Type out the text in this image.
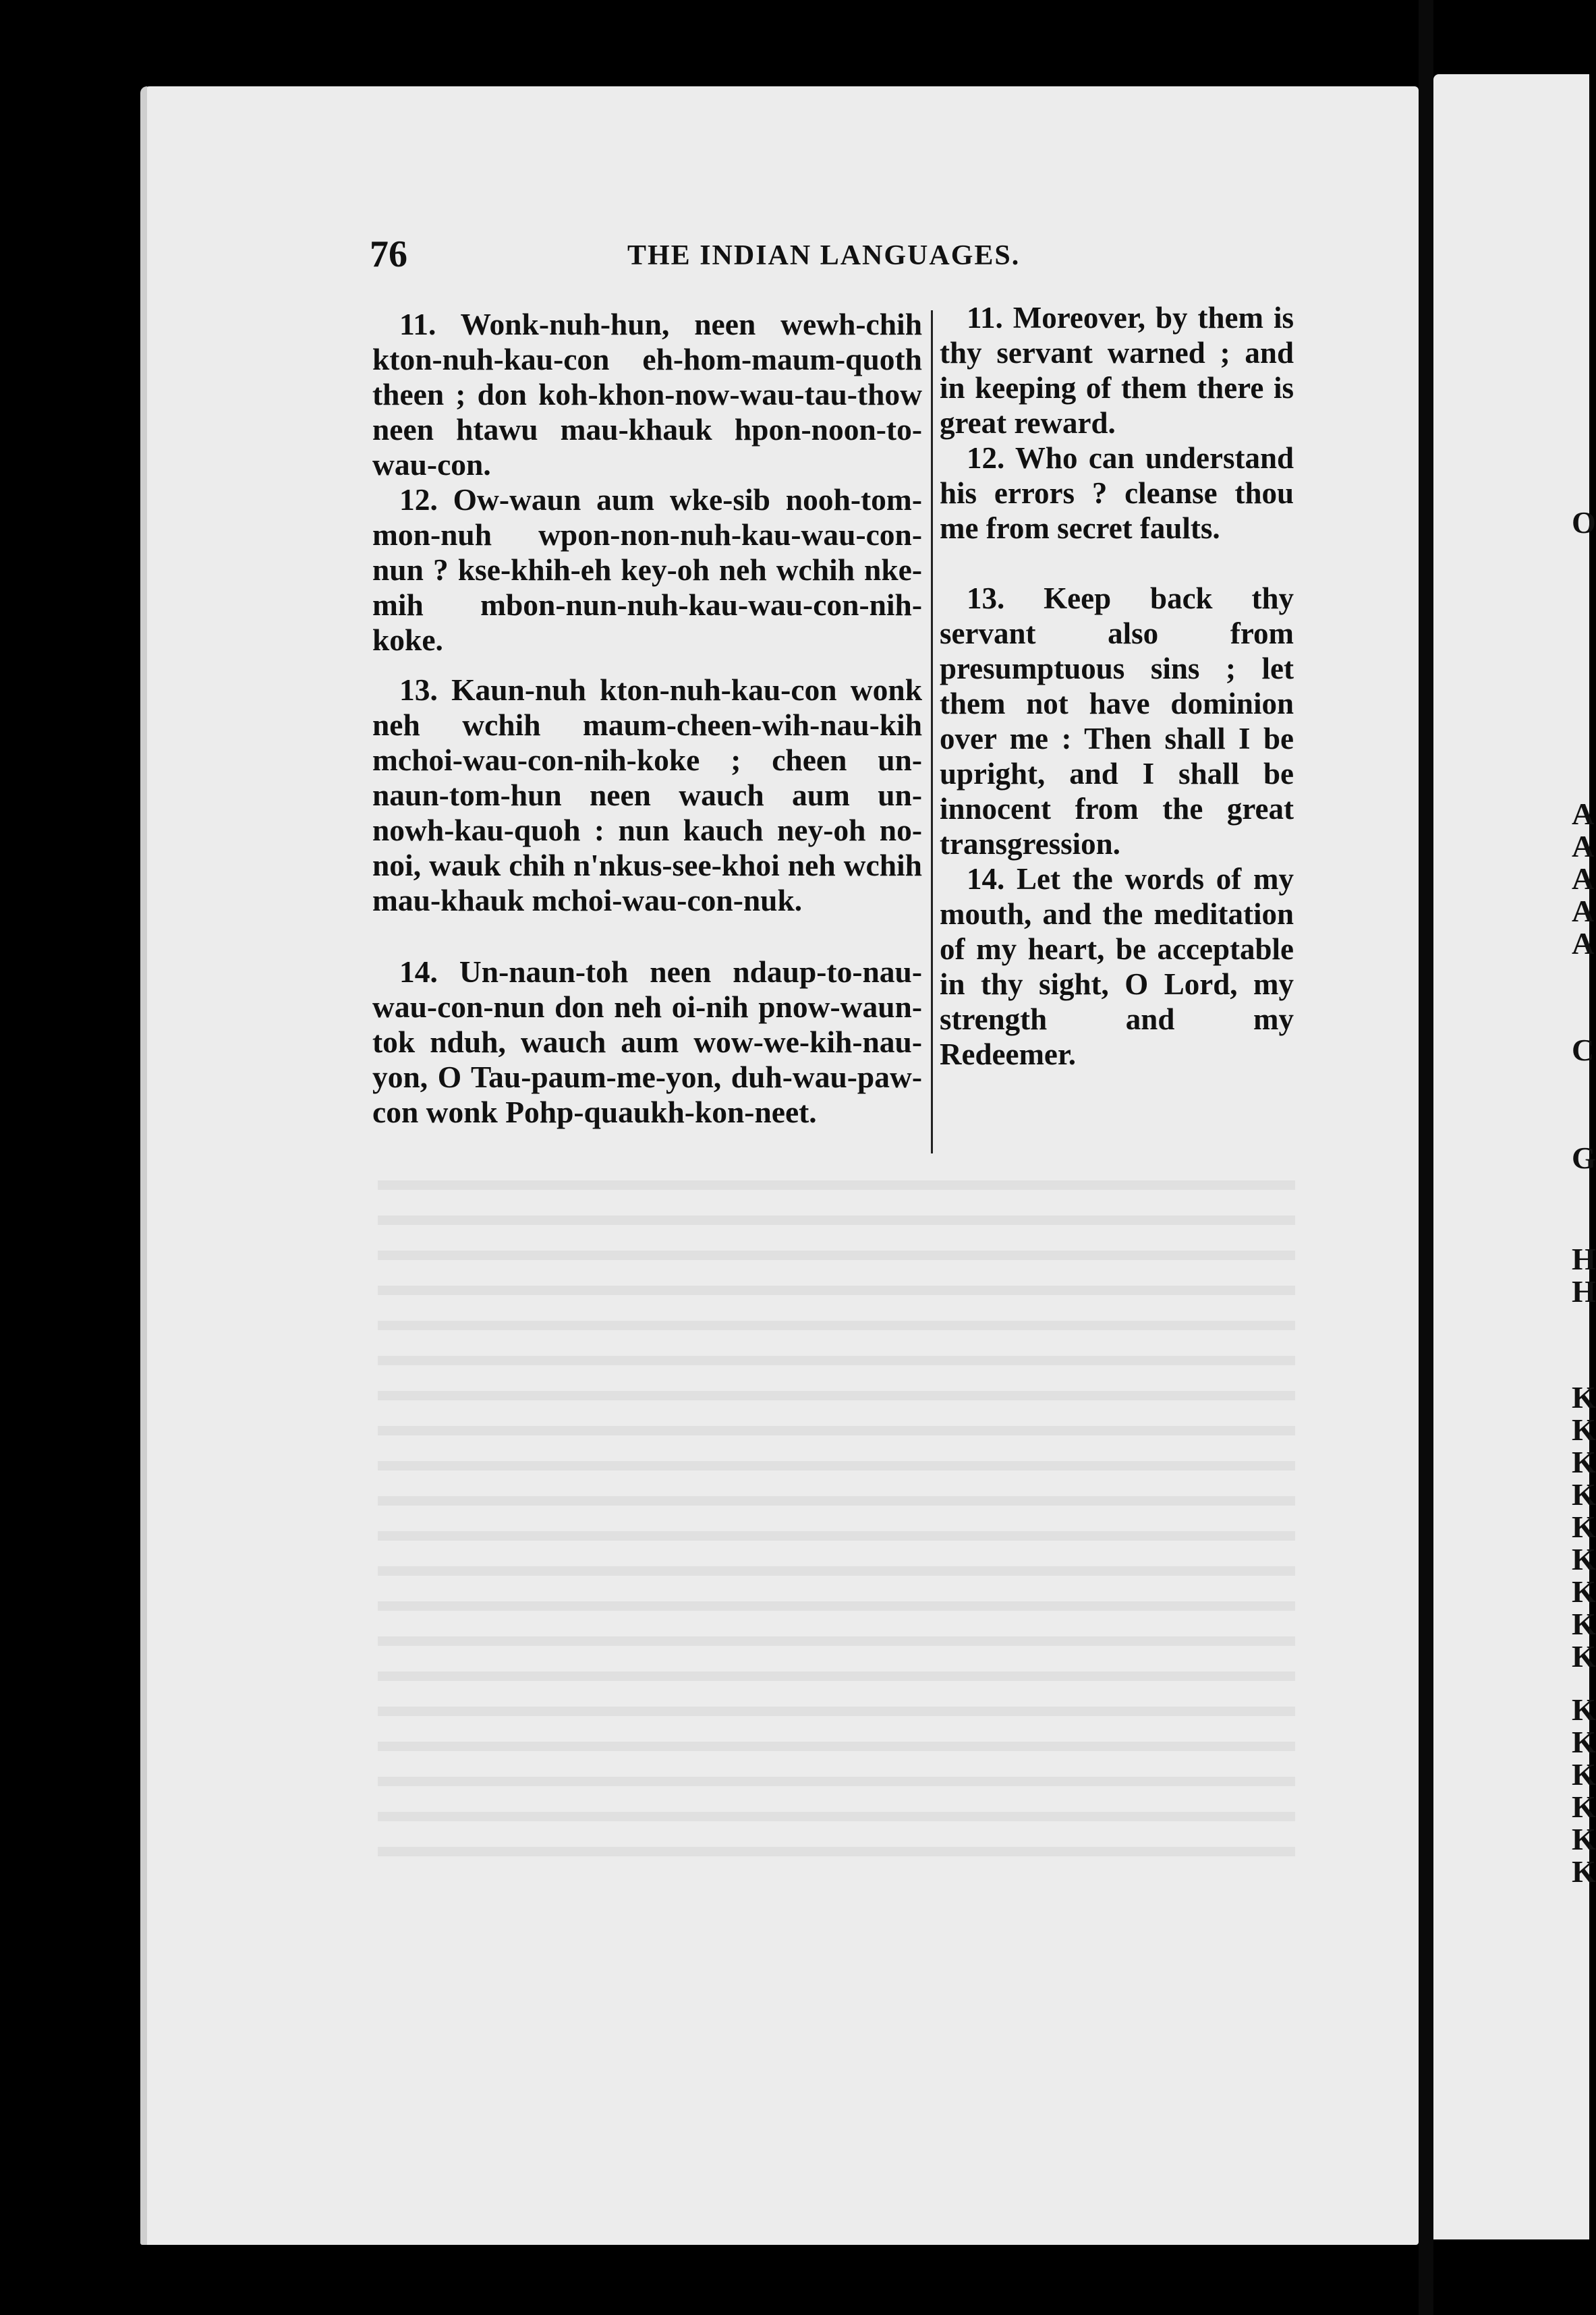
76	THE INDIAN LANGUAGES.

11. Wonk-nuh-hun, neen wewh-chih kton-nuh-kau-con eh-hom-maum-quoth theen ; don koh-khon-now-wau-tau-thow neen htawu mau-khauk hpon-noon-to-wau-con.

12. Ow-waun aum wke-sib nooh-tom-mon-nuh wpon-non-nuh-kau-wau-con-nun ? kse-khih-eh key-oh neh wchih nke-mih mbon-nun-nuh-kau-wau-con-nih-koke.

13. Kaun-nuh kton-nuh-kau-con wonk neh wchih maum-cheen-wih-nau-kih mchoi-wau-con-nih-koke ; cheen un-naun-tom-hun neen wauch aum un-nowh-kau-quoh : nun kauch ney-oh no-noi, wauk chih n'nkus-see-khoi neh wchih mau-khauk mchoi-wau-con-nuk.

14. Un-naun-toh neen ndaup-to-nau-wau-con-nun don neh oi-nih pnow-waun-tok nduh, wauch aum wow-we-kih-nau-yon, O Tau-paum-me-yon, duh-wau-paw-con wonk Pohp-quaukh-kon-neet.

11. Moreover, by them is thy servant warned ; and in keeping of them there is great reward.

12. Who can understand his errors ? cleanse thou me from secret faults.

13. Keep back thy servant also from presumptuous sins ; let them not have dominion over me : Then shall I be upright, and I shall be innocent from the great transgression.

14. Let the words of my mouth, and the meditation of my heart, be acceptable in thy sight, O Lord, my strength and my Redeemer.

O
A
A
A
A
A
C
G
H
H
K
K
K
K
K
K
K
K
K
K
K
K
K
K
K
